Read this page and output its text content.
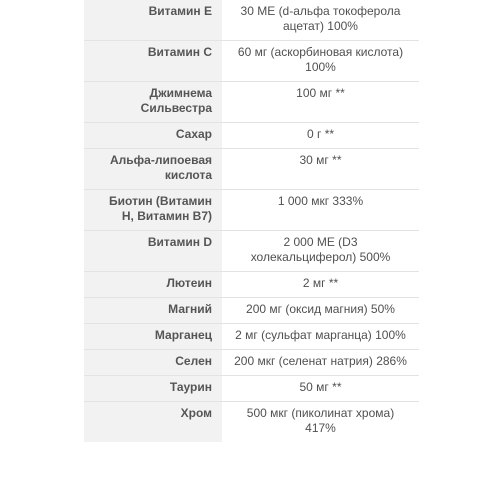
Витамин E	30 МЕ (d-альфа токоферола ацетат) 100%
Витамин C	60 мг (аскорбиновая кислота) 100%
Джимнема Сильвестра	100 мг **
Сахар	0 г **
Альфа-липоевая кислота	30 мг **
Биотин (Витамин H, Витамин B7)	1 000 мкг 333%
Витамин D	2 000 МЕ (D3 холекальциферол) 500%
Лютеин	2 мг **
Магний	200 мг (оксид магния) 50%
Марганец	2 мг (сульфат марганца) 100%
Селен	200 мкг (селенат натрия) 286%
Таурин	50 мг **
Хром	500 мкг (пиколинат хрома) 417%
